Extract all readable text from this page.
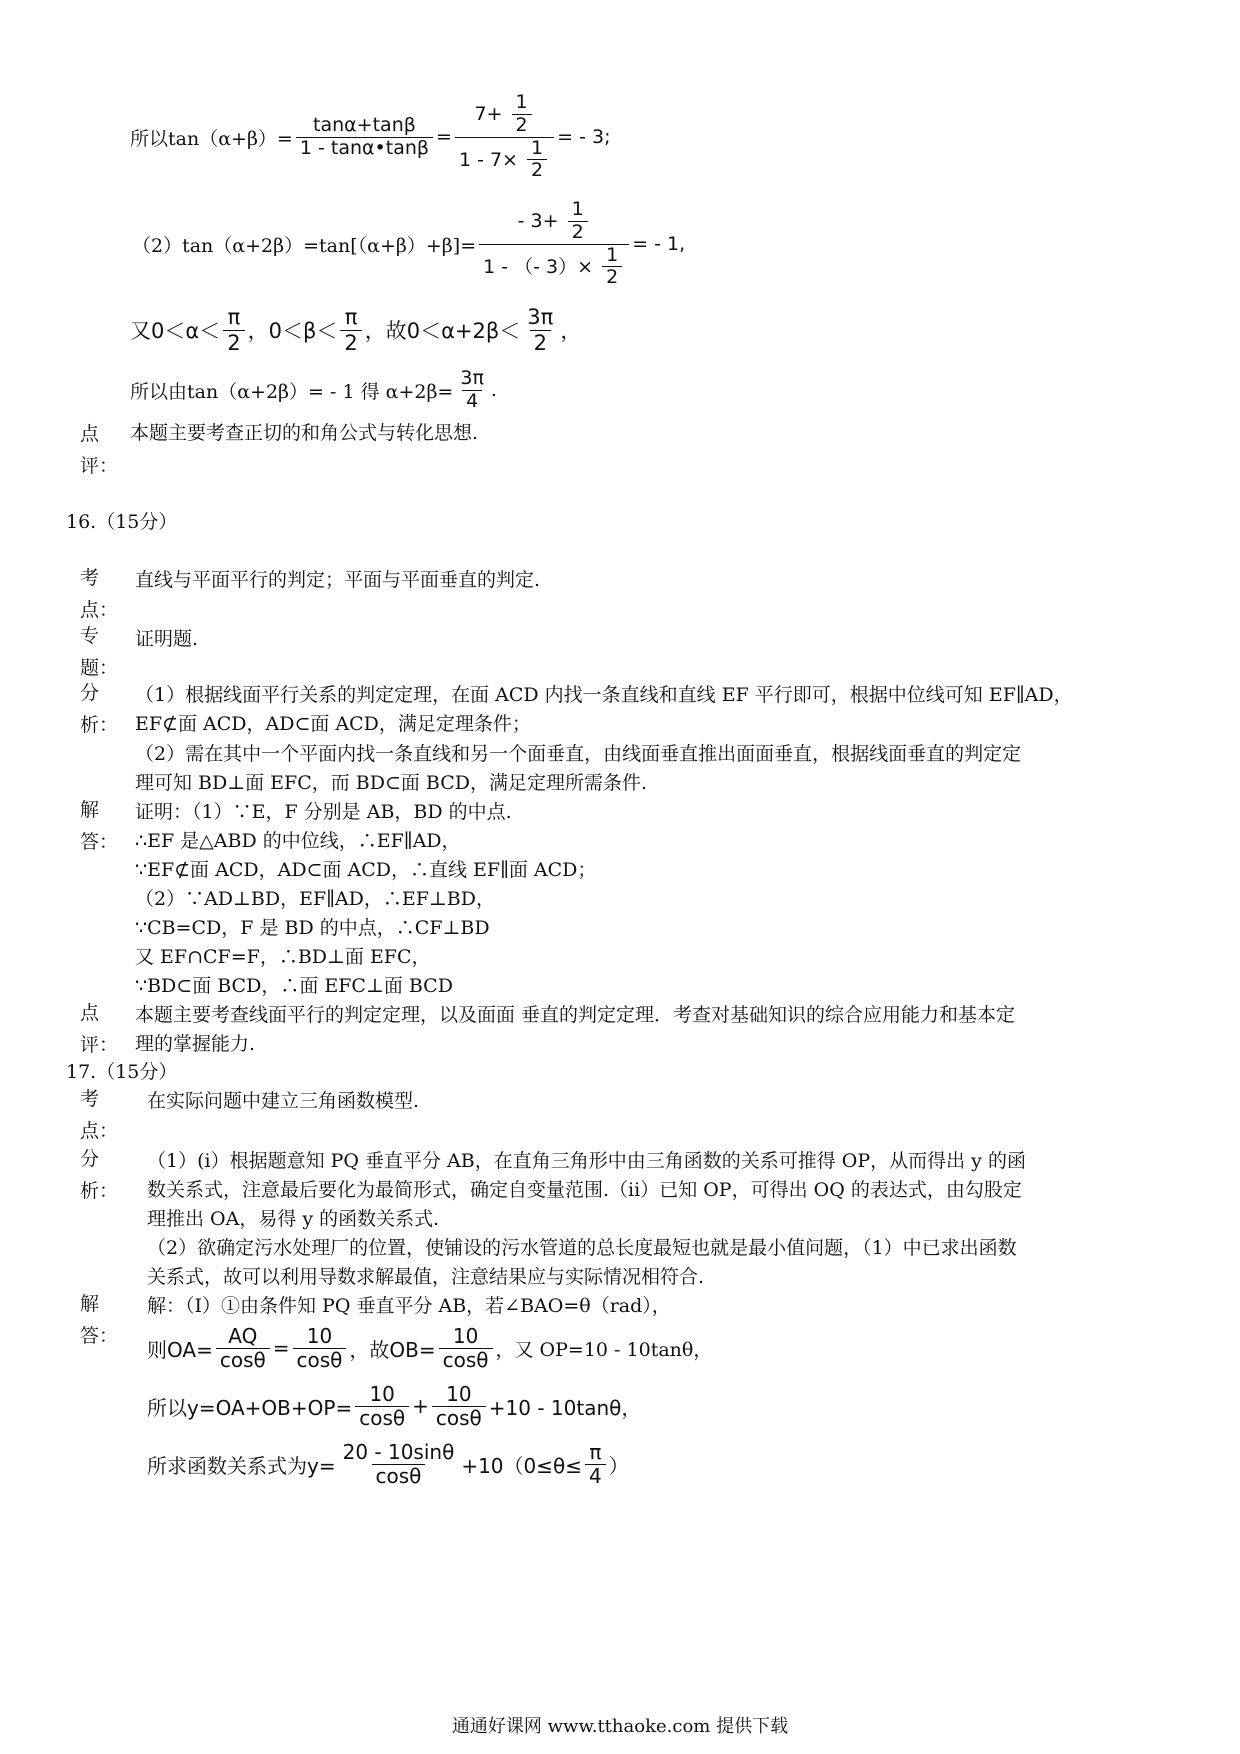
所以$\tan(\alpha+\beta)= \frac{\tan\alpha+\tan\beta}{1 - \tan\alpha•\tan\beta} = \frac{7+ \frac{1}{2}}{1 - 7\times \frac{1}{2}}$ = - 3;
$(2)\tan(\alpha+2\beta)=\tan[(\alpha+\beta)+\beta]= \frac{- 3+ \frac{1}{2}}{1 - (- 3)\times \frac{1}{2}}$ = - 1,
又$0<\alpha< \frac{\pi}{2}$ ，$0<\beta< \frac{\pi}{2}$ ，故$0<\alpha+2\beta< \frac{3\pi}{2}$ ，
所以由tan（α+2β）= - 1 得 $\alpha+2\beta= \frac{3\pi}{4}$ .
点
评：
本题主要考查正切的和角公式与转化思想.
16.（15分）
考
点：
直线与平面平行的判定；平面与平面垂直的判定.
专
题：
证明题.
分
析：
（1）根据线面平行关系的判定定理，在面 ACD 内找一条直线和直线 EF 平行即可，根据中位线可知 EF∥AD，
EF⊄面 ACD，AD⊂面 ACD，满足定理条件；
（2）需在其中一个平面内找一条直线和另一个面垂直，由线面垂直推出面面垂直，根据线面垂直的判定定
理可知 BD⊥面 EFC，而 BD⊂面 BCD，满足定理所需条件.
解
答：
证明：（1）∵E，F 分别是 AB，BD 的中点.
∴EF 是△ABD 的中位线，∴EF∥AD，
∵EF⊄面 ACD，AD⊂面 ACD，∴直线 EF∥面 ACD；
（2）∵AD⊥BD，EF∥AD，∴EF⊥BD，
∵CB=CD，F 是 BD 的中点，∴CF⊥BD
又 EF∩CF=F，∴BD⊥面 EFC，
∵BD⊂面 BCD，∴面 EFC⊥面 BCD
点
评：
本题主要考查线面平行的判定定理，以及面面 垂直的判定定理．考查对基础知识的综合应用能力和基本定
理的掌握能力.
17.（15分）
考
点：
在实际问题中建立三角函数模型.
分
析：
（1）(i）根据题意知 PQ 垂直平分 AB，在直角三角形中由三角函数的关系可推得 OP，从而得出 y 的函
数关系式，注意最后要化为最简形式，确定自变量范围.（ii）已知 OP，可得出 OQ 的表达式，由勾股定
理推出 OA，易得 y 的函数关系式.
（2）欲确定污水处理厂的位置，使铺设的污水管道的总长度最短也就是最小值问题，（1）中已求出函数
关系式，故可以利用导数求解最值，注意结果应与实际情况相符合.
解
答：
解：（Ⅰ）①由条件知 PQ 垂直平分 AB，若∠BAO=θ（rad），
则$OA= \frac{AQ}{\cos\theta} = \frac{10}{\cos\theta}$ ，故$OB= \frac{10}{\cos\theta}$ ，又 OP=10 - 10tanθ，
所以$y=OA+OB+OP= \frac{10}{\cos\theta} + \frac{10}{\cos\theta} +10 - 10\tan\theta$，
所求函数关系式为$y= \frac{20 - 10\sin\theta}{\cos\theta} +10(0\le\theta\le \frac{\pi}{4}$ ）
通通好课网 www.tthaoke.com 提供下载
